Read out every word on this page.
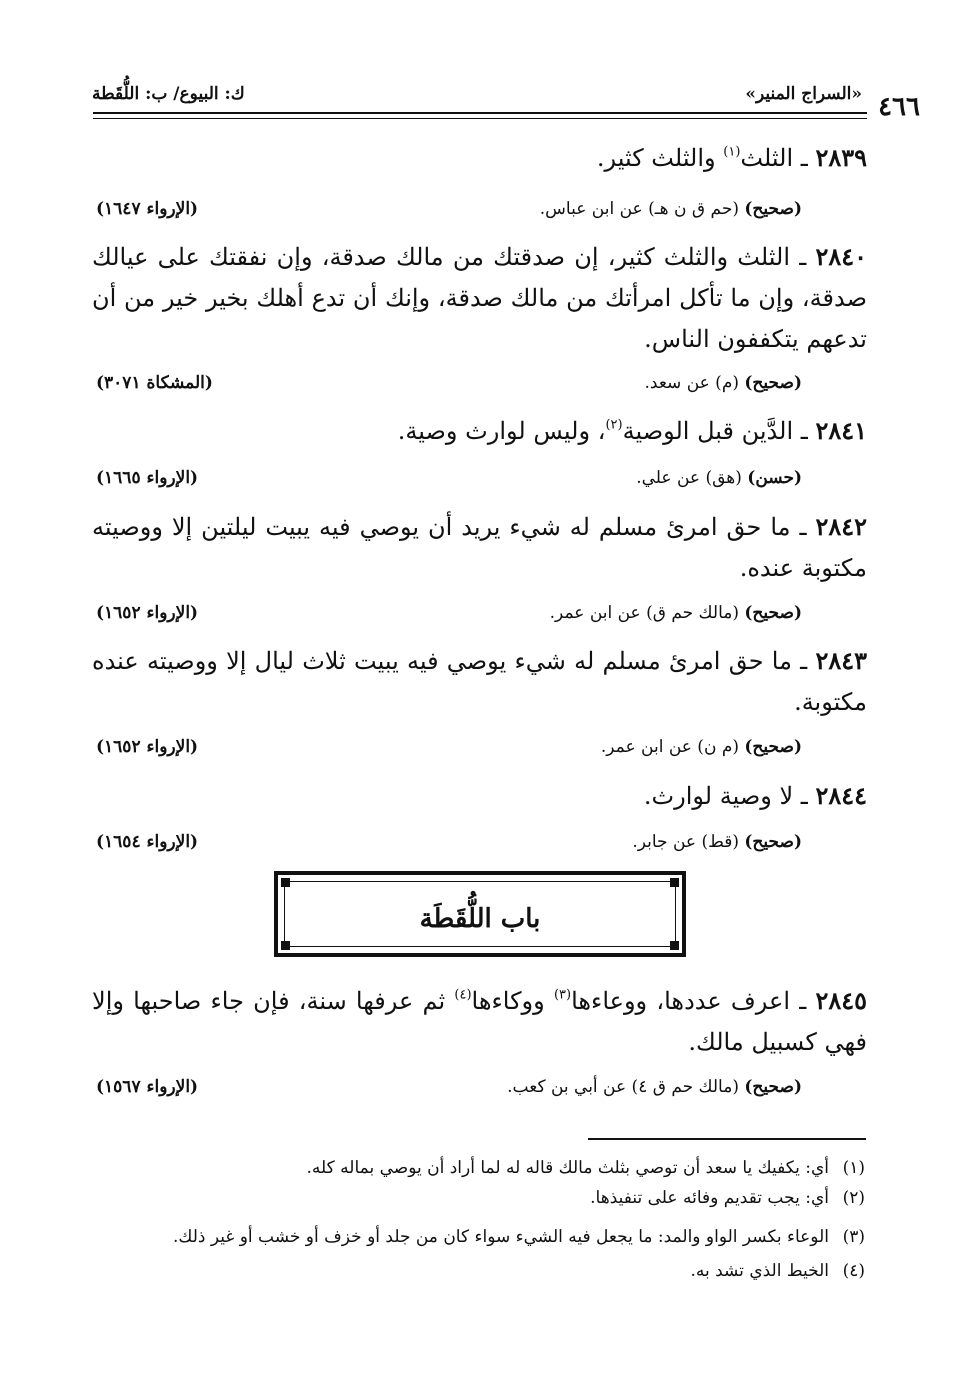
«السراج المنير»
ك: البيوع/ ب: اللُّقَطة	٤٦٦
٢٨٣٩ ـ الثلث$^{(١)}$ والثلث كثير.
(صحيح) (حم ق ن هـ) عن ابن عباس.
(الإرواء ١٦٤٧)
٢٨٤٠ ـ الثلث والثلث كثير، إن صدقتك من مالك صدقة، وإن نفقتك على عيالك صدقة، وإن ما تأكل امرأتك من مالك صدقة، وإنك أن تدع أهلك بخير خير من أن تدعهم يتكففون الناس.
(صحيح) (م) عن سعد.
(المشكاة ٣٠٧١)
٢٨٤١ ـ الدَّين قبل الوصية$^{(٢)}$، وليس لوارث وصية.
(حسن) (هق) عن علي.
(الإرواء ١٦٦٥)
٢٨٤٢ ـ ما حق امرئ مسلم له شيء يريد أن يوصي فيه يبيت ليلتين إلا ووصيته مكتوبة عنده.
(صحيح) (مالك حم ق) عن ابن عمر.
(الإرواء ١٦٥٢)
٢٨٤٣ ـ ما حق امرئ مسلم له شيء يوصي فيه يبيت ثلاث ليال إلا ووصيته عنده مكتوبة.
(صحيح) (م ن) عن ابن عمر.
(الإرواء ١٦٥٢)
٢٨٤٤ ـ لا وصية لوارث.
(صحيح) (قط) عن جابر.
(الإرواء ١٦٥٤)
باب اللُّقَطَة
٢٨٤٥ ـ اعرف عددها، ووعاءها$^{(٣)}$ ووكاءها$^{(٤)}$ ثم عرفها سنة، فإن جاء صاحبها وإلا فهي كسبيل مالك.
(صحيح) (مالك حم ق ٤) عن أبي بن كعب.
(الإرواء ١٥٦٧)
(١)أي: يكفيك يا سعد أن توصي بثلث مالك قاله له لما أراد أن يوصي بماله كله.
(٢)أي: يجب تقديم وفائه على تنفيذها.
(٣)الوعاء بكسر الواو والمد: ما يجعل فيه الشيء سواء كان من جلد أو خزف أو خشب أو غير ذلك.
(٤)الخيط الذي تشد به.
